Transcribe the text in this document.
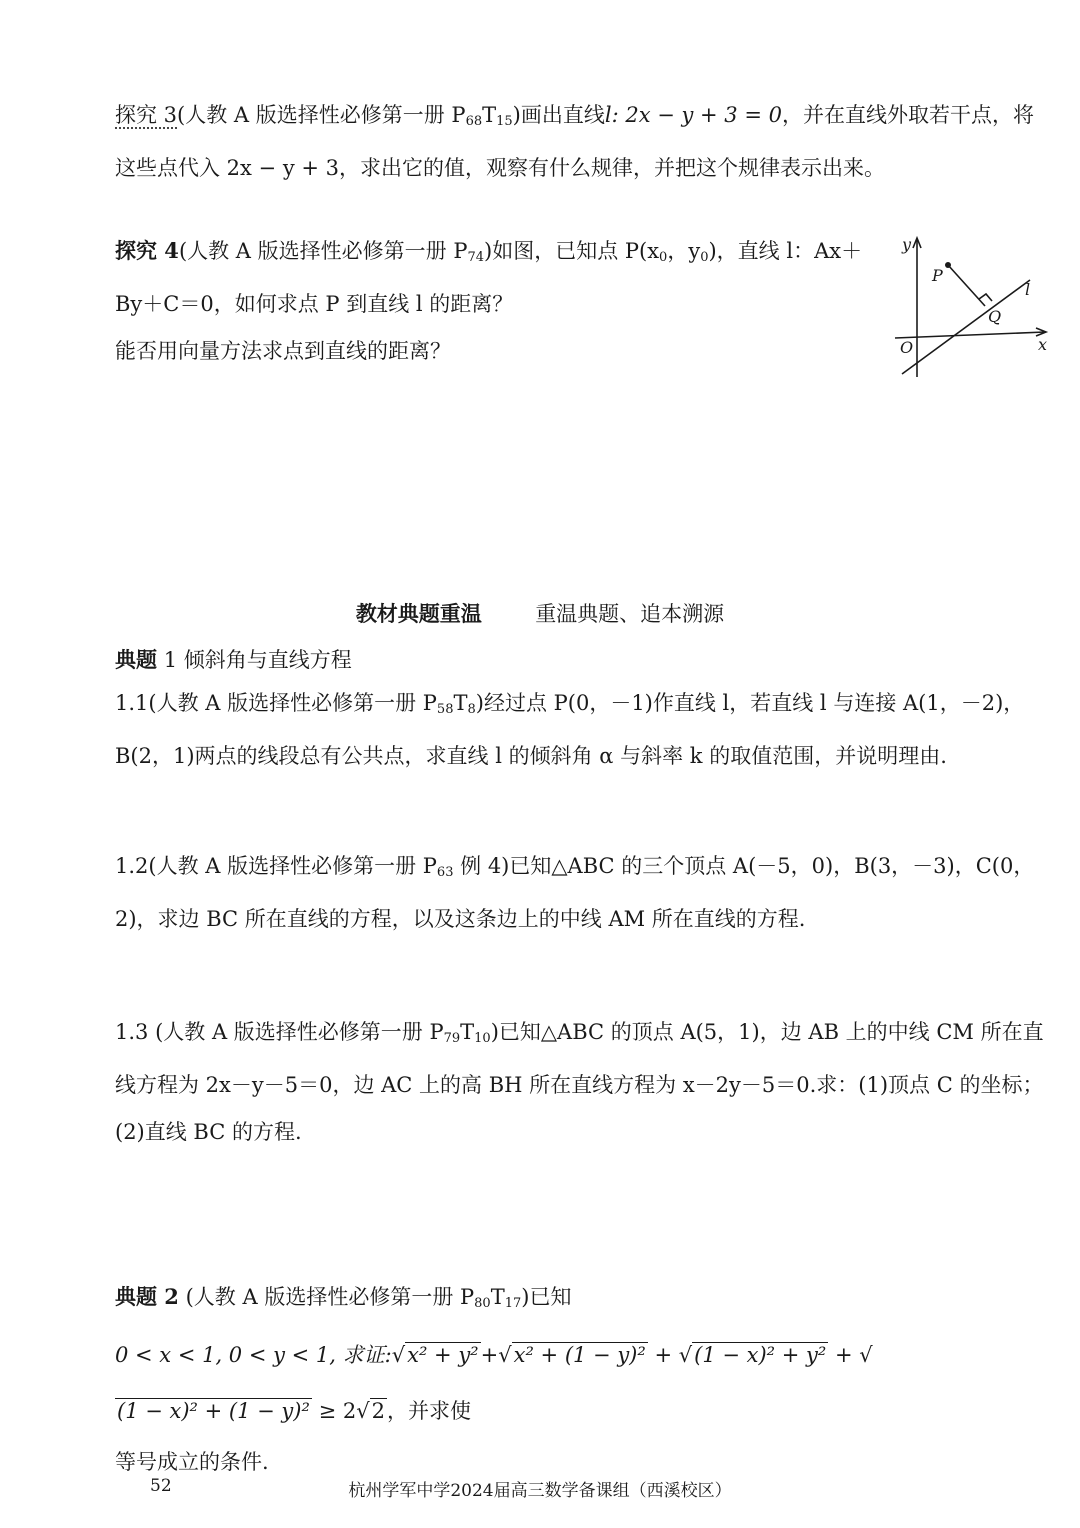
探究 3(人教 A 版选择性必修第一册 $P_{68}T_{15}$)画出直线l: 2x − y + 3 = 0，并在直线外取若干点，将
这些点代入 2x − y + 3，求出它的值，观察有什么规律，并把这个规律表示出来。
探究 4(人教 A 版选择性必修第一册 $P_{74}$)如图，已知点 $P(x_0$，$y_0$)，直线 l：Ax＋
By＋C＝0，如何求点 P 到直线 l 的距离？
能否用向量方法求点到直线的距离？
y
x
O
P
Q
l
教材典题重温	重温典题、追本溯源
典题 1 倾斜角与直线方程
1.1(人教 A 版选择性必修第一册 $P_{58}T_8$)经过点 P(0，－1)作直线 l，若直线 l 与连接 A(1，－2)，
B(2，1)两点的线段总有公共点，求直线 l 的倾斜角 α 与斜率 k 的取值范围，并说明理由.
1.2(人教 A 版选择性必修第一册 $P_{63}$ 例 4)已知△ABC 的三个顶点 A(－5，0)，B(3，－3)，C(0，
2)，求边 BC 所在直线的方程，以及这条边上的中线 AM 所在直线的方程.
1.3 (人教 A 版选择性必修第一册 $P_{79}T_{10}$)已知△ABC 的顶点 A(5，1)，边 AB 上的中线 CM 所在直
线方程为 2x－y－5＝0，边 AC 上的高 BH 所在直线方程为 x－2y－5＝0.求：(1)顶点 C 的坐标；
(2)直线 BC 的方程.
典题 2 (人教 A 版选择性必修第一册 $P_{80}T_{17}$)已知
0 < x < 1, 0 < y < 1, 求证:√x² + y²+√x² + (1 − y)² + √(1 − x)² + y² + √(1 − x)² + (1 − y)² ≥ 2√2，并求使
等号成立的条件.
52	杭州学军中学2024届高三数学备课组（西溪校区）
